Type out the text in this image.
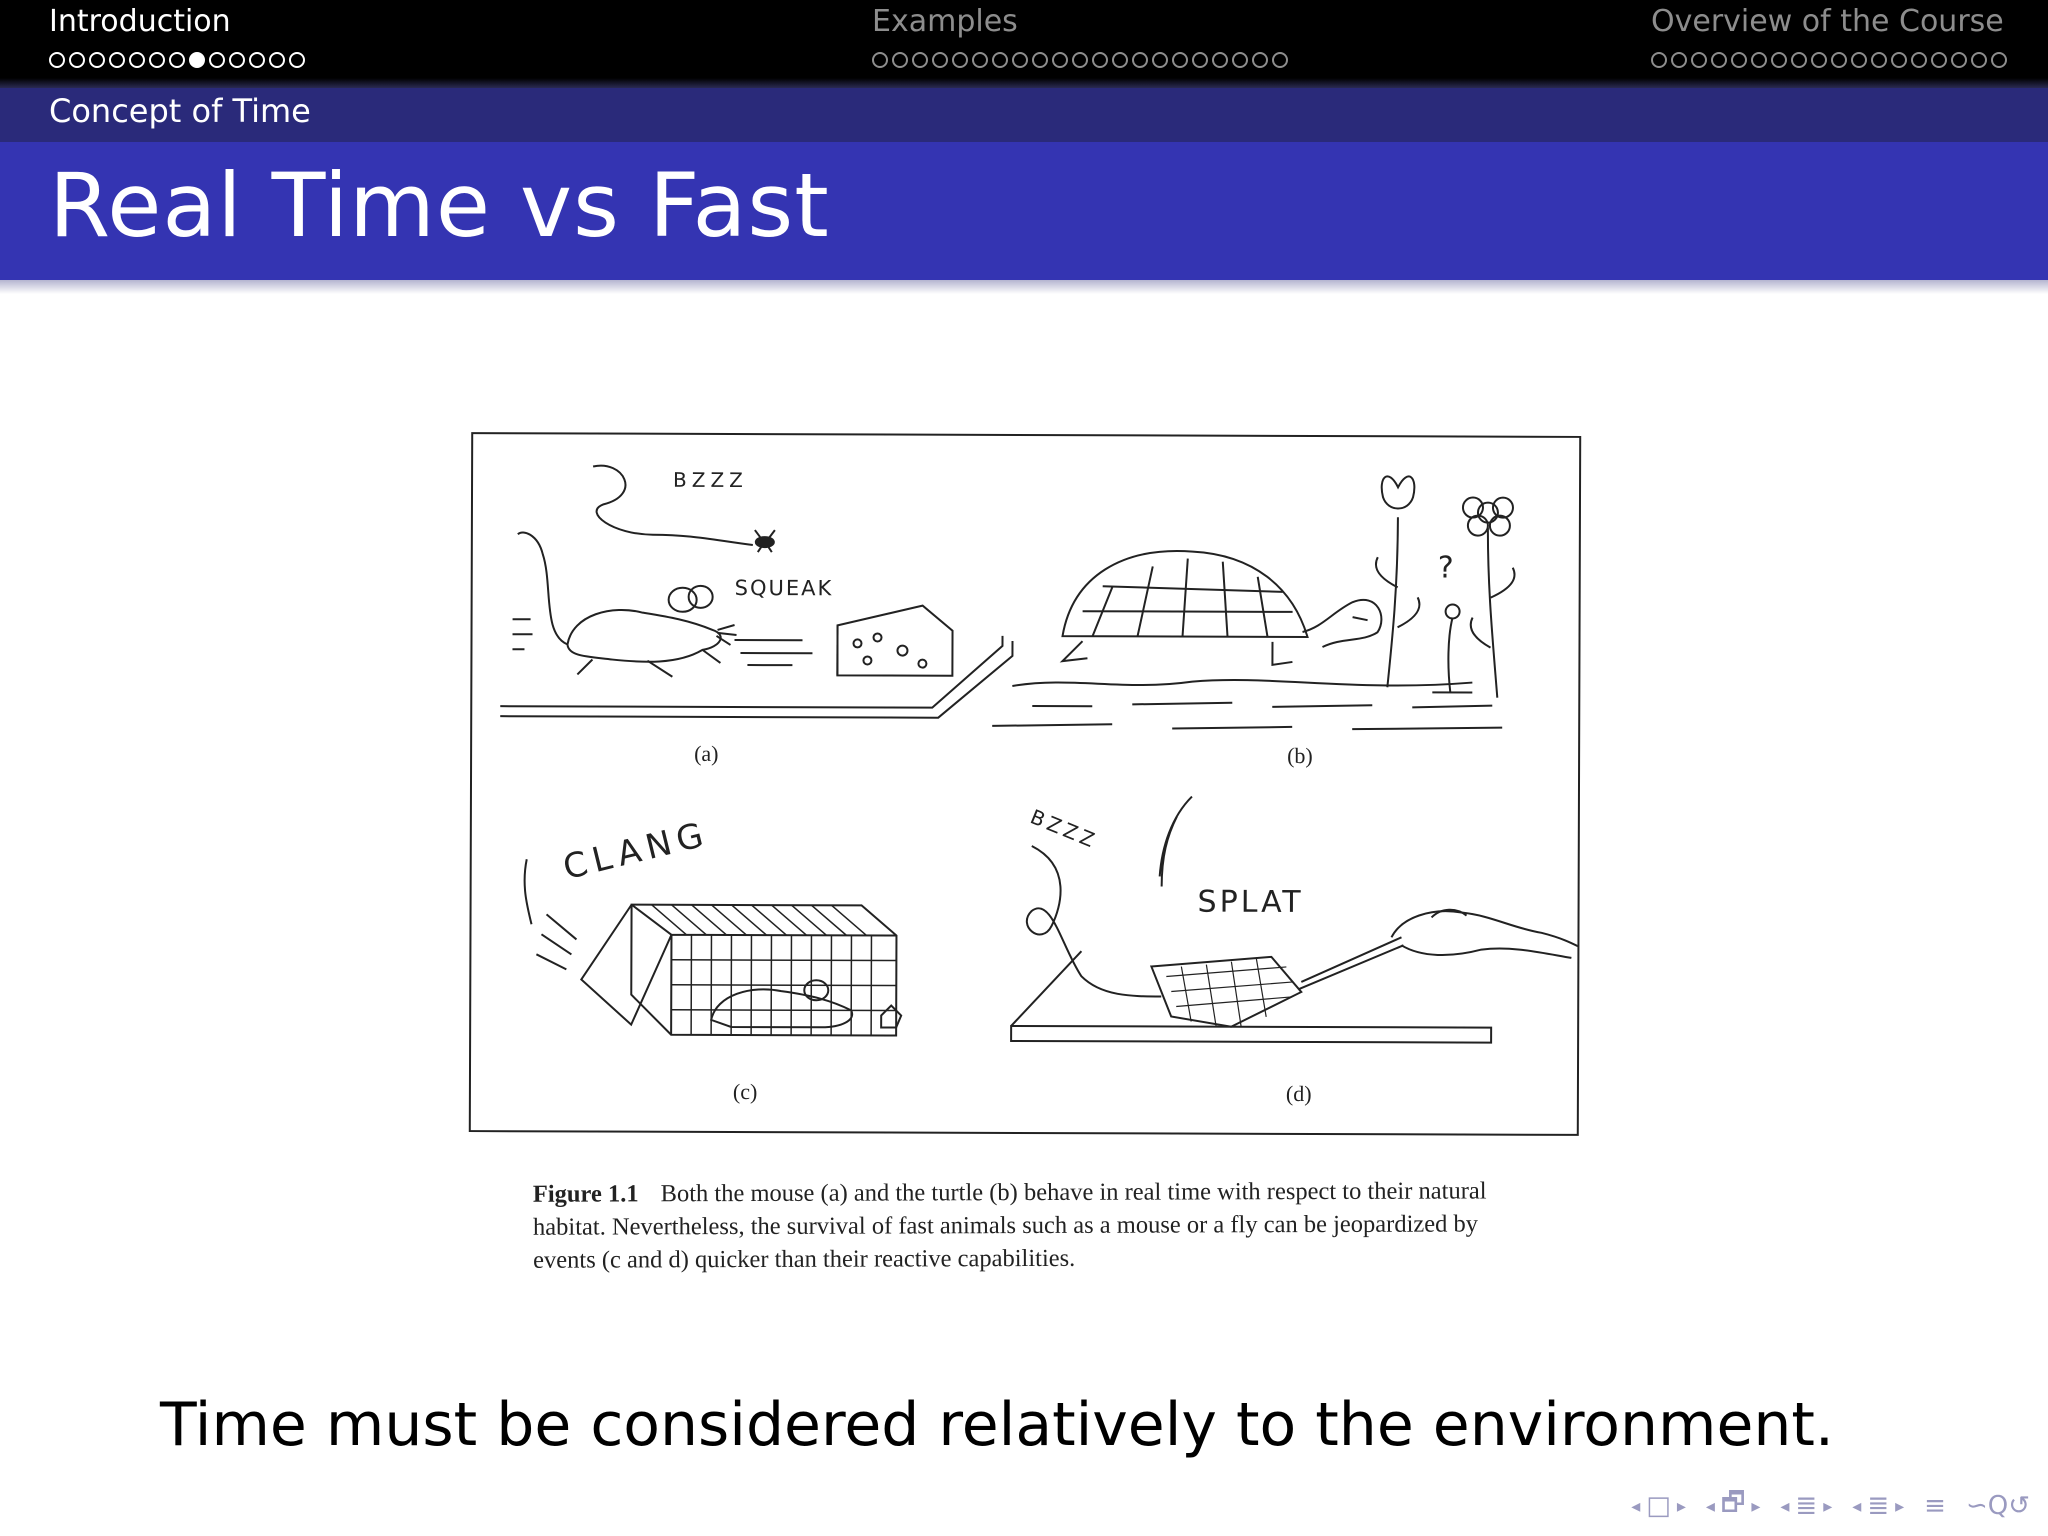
Introduction	Examples	Overview of the Course
Concept of Time
Real Time vs Fast
BZZZ
SQUEAK
(a)
?
(b)
CLANG
(c)
BZZZ
SPLAT
(d)
Figure 1.1 Both the mouse (a) and the turtle (b) behave in real time with respect to their natural habitat. Nevertheless, the survival of fast animals such as a mouse or a fly can be jeopardized by events (c and d) quicker than their reactive capabilities.
Time must be considered relatively to the environment.
◂ □ ▸ ◂ 🗗 ▸ ◂ ≣ ▸ ◂ ≣ ▸ ≡ ∽Q↺
